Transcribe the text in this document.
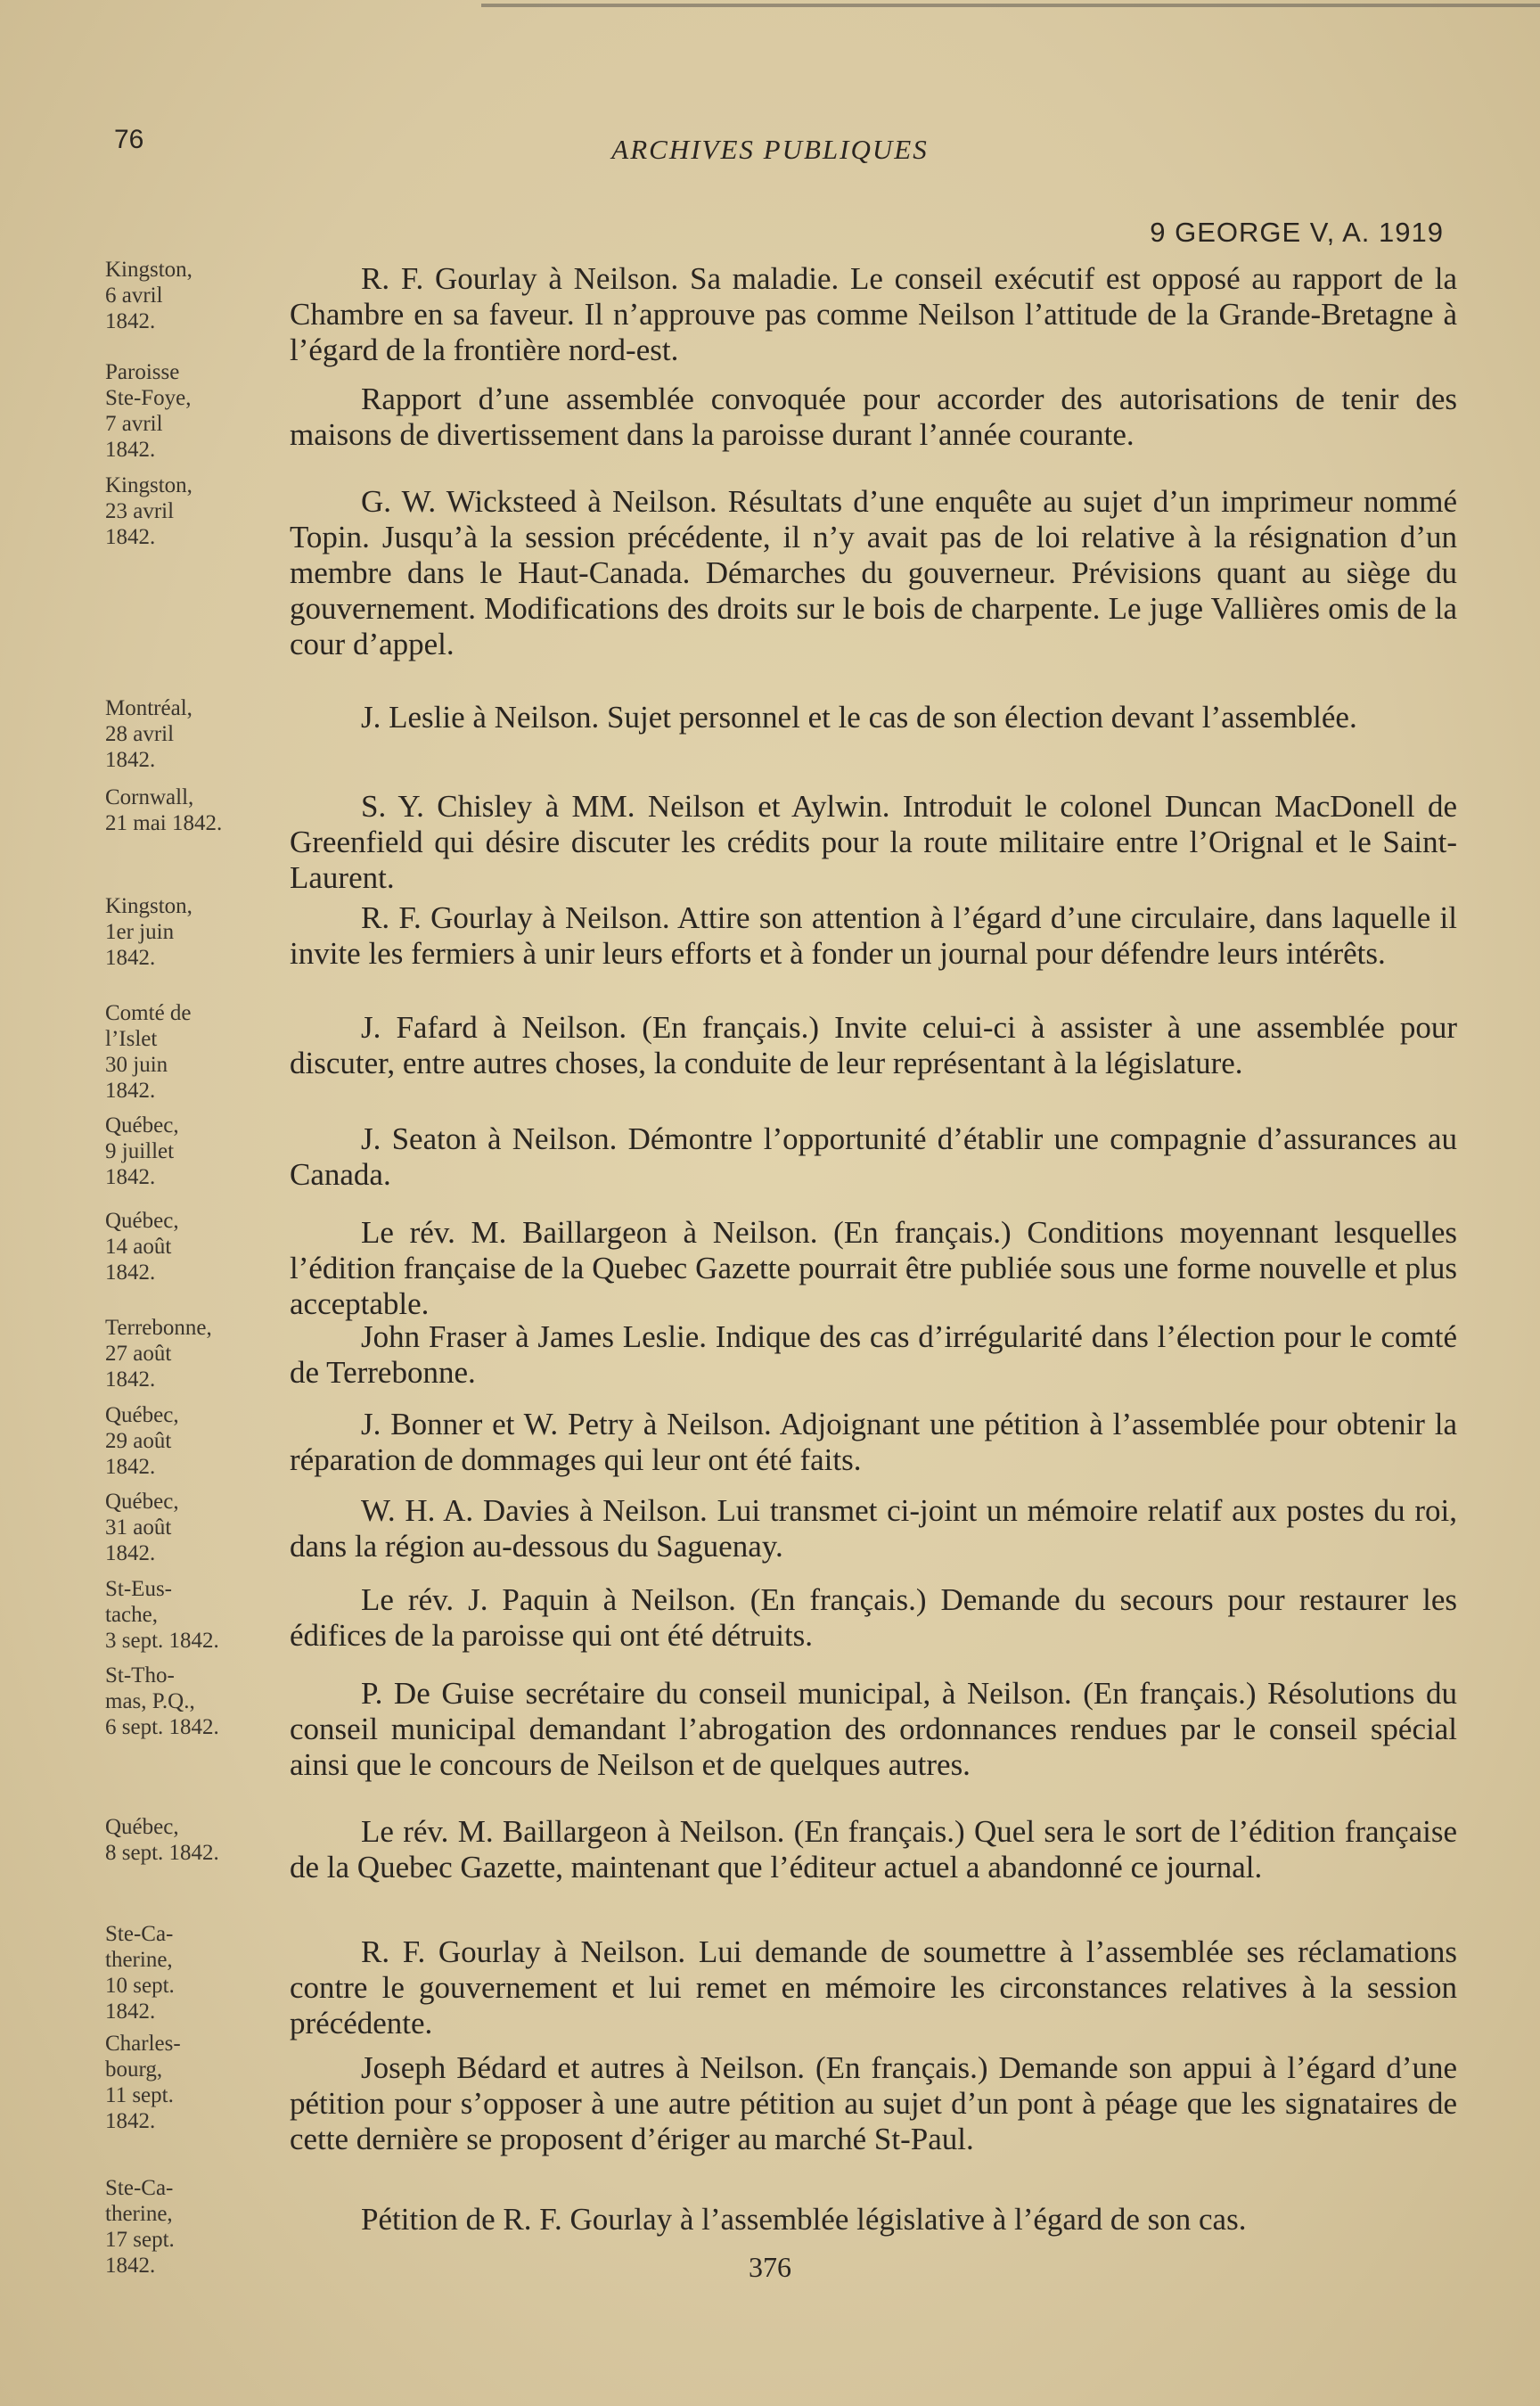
76	ARCHIVES PUBLIQUES
9 GEORGE V, A. 1919
Kingston,
6 avril
1842.
R. F. Gourlay à Neilson. Sa maladie. Le conseil exécutif est opposé au rapport de la Chambre en sa faveur. Il n’approuve pas comme Neilson l’attitude de la Grande-Bretagne à l’égard de la frontière nord-est.
Paroisse
Ste-Foye,
7 avril
1842.
Rapport d’une assemblée convoquée pour accorder des autorisations de tenir des maisons de divertissement dans la paroisse durant l’année courante.
Kingston,
23 avril
1842.
G. W. Wicksteed à Neilson. Résultats d’une enquête au sujet d’un imprimeur nommé Topin. Jusqu’à la session précédente, il n’y avait pas de loi relative à la résignation d’un membre dans le Haut-Canada. Démarches du gouverneur. Prévisions quant au siège du gouvernement. Modifications des droits sur le bois de charpente. Le juge Vallières omis de la cour d’appel.
Montréal,
28 avril
1842.
J. Leslie à Neilson. Sujet personnel et le cas de son élection devant l’assemblée.
Cornwall,
21 mai 1842.	S. Y. Chisley à MM. Neilson et Aylwin. Introduit le colonel Duncan MacDonell de Greenfield qui désire discuter les crédits pour la route militaire entre l’Orignal et le Saint-Laurent.
Kingston,
1er juin
1842.
R. F. Gourlay à Neilson. Attire son attention à l’égard d’une circulaire, dans laquelle il invite les fermiers à unir leurs efforts et à fonder un journal pour défendre leurs intérêts.
Comté de
l’Islet
30 juin
1842.
J. Fafard à Neilson. (En français.) Invite celui-ci à assister à une assemblée pour discuter, entre autres choses, la conduite de leur représentant à la législature.
Québec,
9 juillet
1842.
J. Seaton à Neilson. Démontre l’opportunité d’établir une compagnie d’assurances au Canada.
Québec,
14 août
1842.
Le rév. M. Baillargeon à Neilson. (En français.) Conditions moyennant lesquelles l’édition française de la Quebec Gazette pourrait être publiée sous une forme nouvelle et plus acceptable.
Terrebonne,
27 août
1842.
John Fraser à James Leslie. Indique des cas d’irrégularité dans l’élection pour le comté de Terrebonne.
Québec,
29 août
1842.
J. Bonner et W. Petry à Neilson. Adjoignant une pétition à l’assemblée pour obtenir la réparation de dommages qui leur ont été faits.
Québec,
31 août
1842.
W. H. A. Davies à Neilson. Lui transmet ci-joint un mémoire relatif aux postes du roi, dans la région au-dessous du Saguenay.
St-Eus-
tache,
3 sept. 1842.
Le rév. J. Paquin à Neilson. (En français.) Demande du secours pour restaurer les édifices de la paroisse qui ont été détruits.
St-Tho-
mas, P.Q.,
6 sept. 1842.
P. De Guise secrétaire du conseil municipal, à Neilson. (En français.) Résolutions du conseil municipal demandant l’abrogation des ordonnances rendues par le conseil spécial ainsi que le concours de Neilson et de quelques autres.
Québec,
8 sept. 1842.
Le rév. M. Baillargeon à Neilson. (En français.) Quel sera le sort de l’édition française de la Quebec Gazette, maintenant que l’éditeur actuel a abandonné ce journal.
Ste-Ca-
therine,
10 sept.
1842.
R. F. Gourlay à Neilson. Lui demande de soumettre à l’assemblée ses réclamations contre le gouvernement et lui remet en mémoire les circonstances relatives à la session précédente.
Charles-
bourg,
11 sept.
1842.
Joseph Bédard et autres à Neilson. (En français.) Demande son appui à l’égard d’une pétition pour s’opposer à une autre pétition au sujet d’un pont à péage que les signataires de cette dernière se proposent d’ériger au marché St-Paul.
Ste-Ca-
therine,
17 sept.
1842.
Pétition de R. F. Gourlay à l’assemblée législative à l’égard de son cas.
376
